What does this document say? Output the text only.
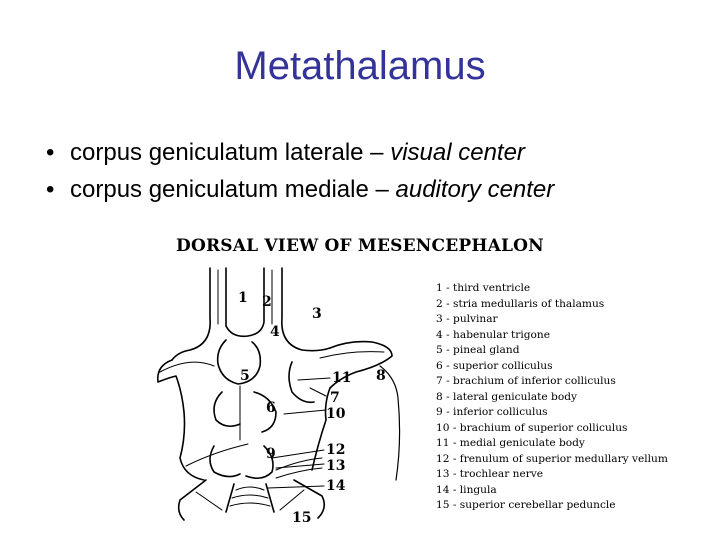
Metathalamus
• corpus geniculatum laterale – visual center
• corpus geniculatum mediale – auditory center
DORSAL VIEW OF MESENCEPHALON
1 2
3
4
5
6
7
8
9
10
11
12
13
14
15
1 - third ventricle
2 - stria medullaris of thalamus
3 - pulvinar
4 - habenular trigone
5 - pineal gland
6 - superior colliculus
7 - brachium of inferior colliculus
8 - lateral geniculate body
9 - inferior colliculus
10 - brachium of superior colliculus
11 - medial geniculate body
12 - frenulum of superior medullary vellum
13 - trochlear nerve
14 - lingula
15 - superior cerebellar peduncle
